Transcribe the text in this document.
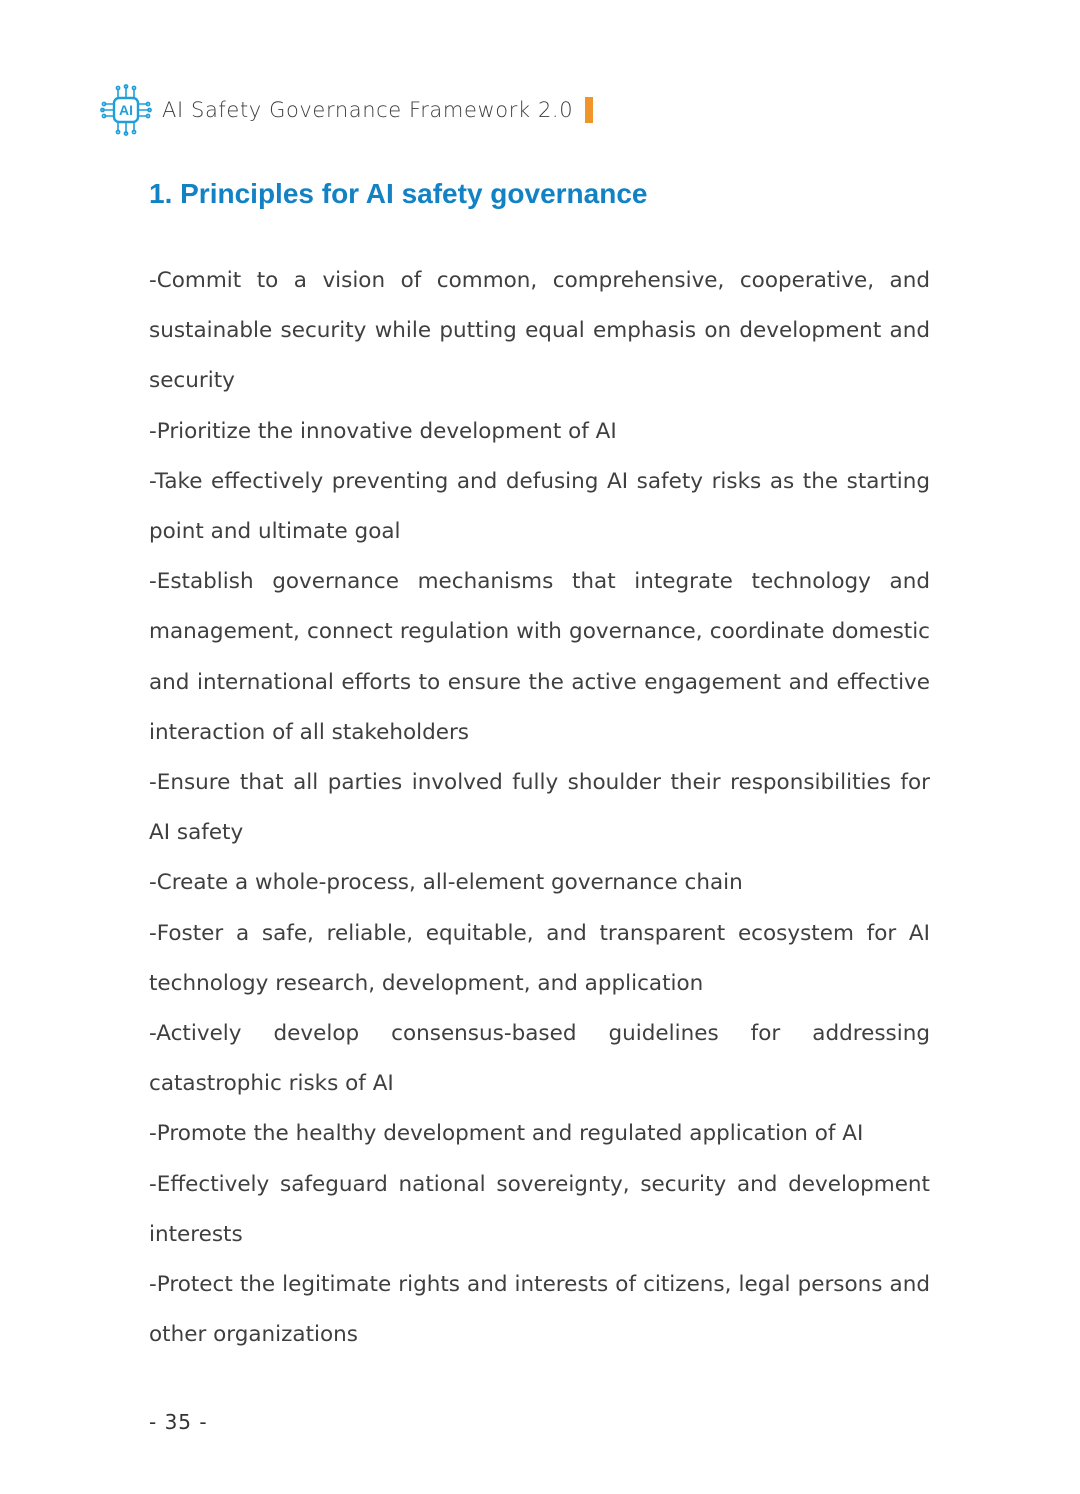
AI AI Safety Governance Framework 2.0
1. Principles for AI safety governance

-Commit to a vision of common, comprehensive, cooperative, and sustainable security while putting equal emphasis on development and security

-Prioritize the innovative development of AI

-Take effectively preventing and defusing AI safety risks as the starting point and ultimate goal

-Establish governance mechanisms that integrate technology and management, connect regulation with governance, coordinate domestic and international efforts to ensure the active engagement and effective interaction of all stakeholders

-Ensure that all parties involved fully shoulder their responsibilities for AI safety

-Create a whole-process, all-element governance chain

-Foster a safe, reliable, equitable, and transparent ecosystem for AI technology research, development, and application

-Actively develop consensus-based guidelines for addressing catastrophic risks of AI

-Promote the healthy development and regulated application of AI

-Effectively safeguard national sovereignty, security and development interests

-Protect the legitimate rights and interests of citizens, legal persons and other organizations

- 35 -
